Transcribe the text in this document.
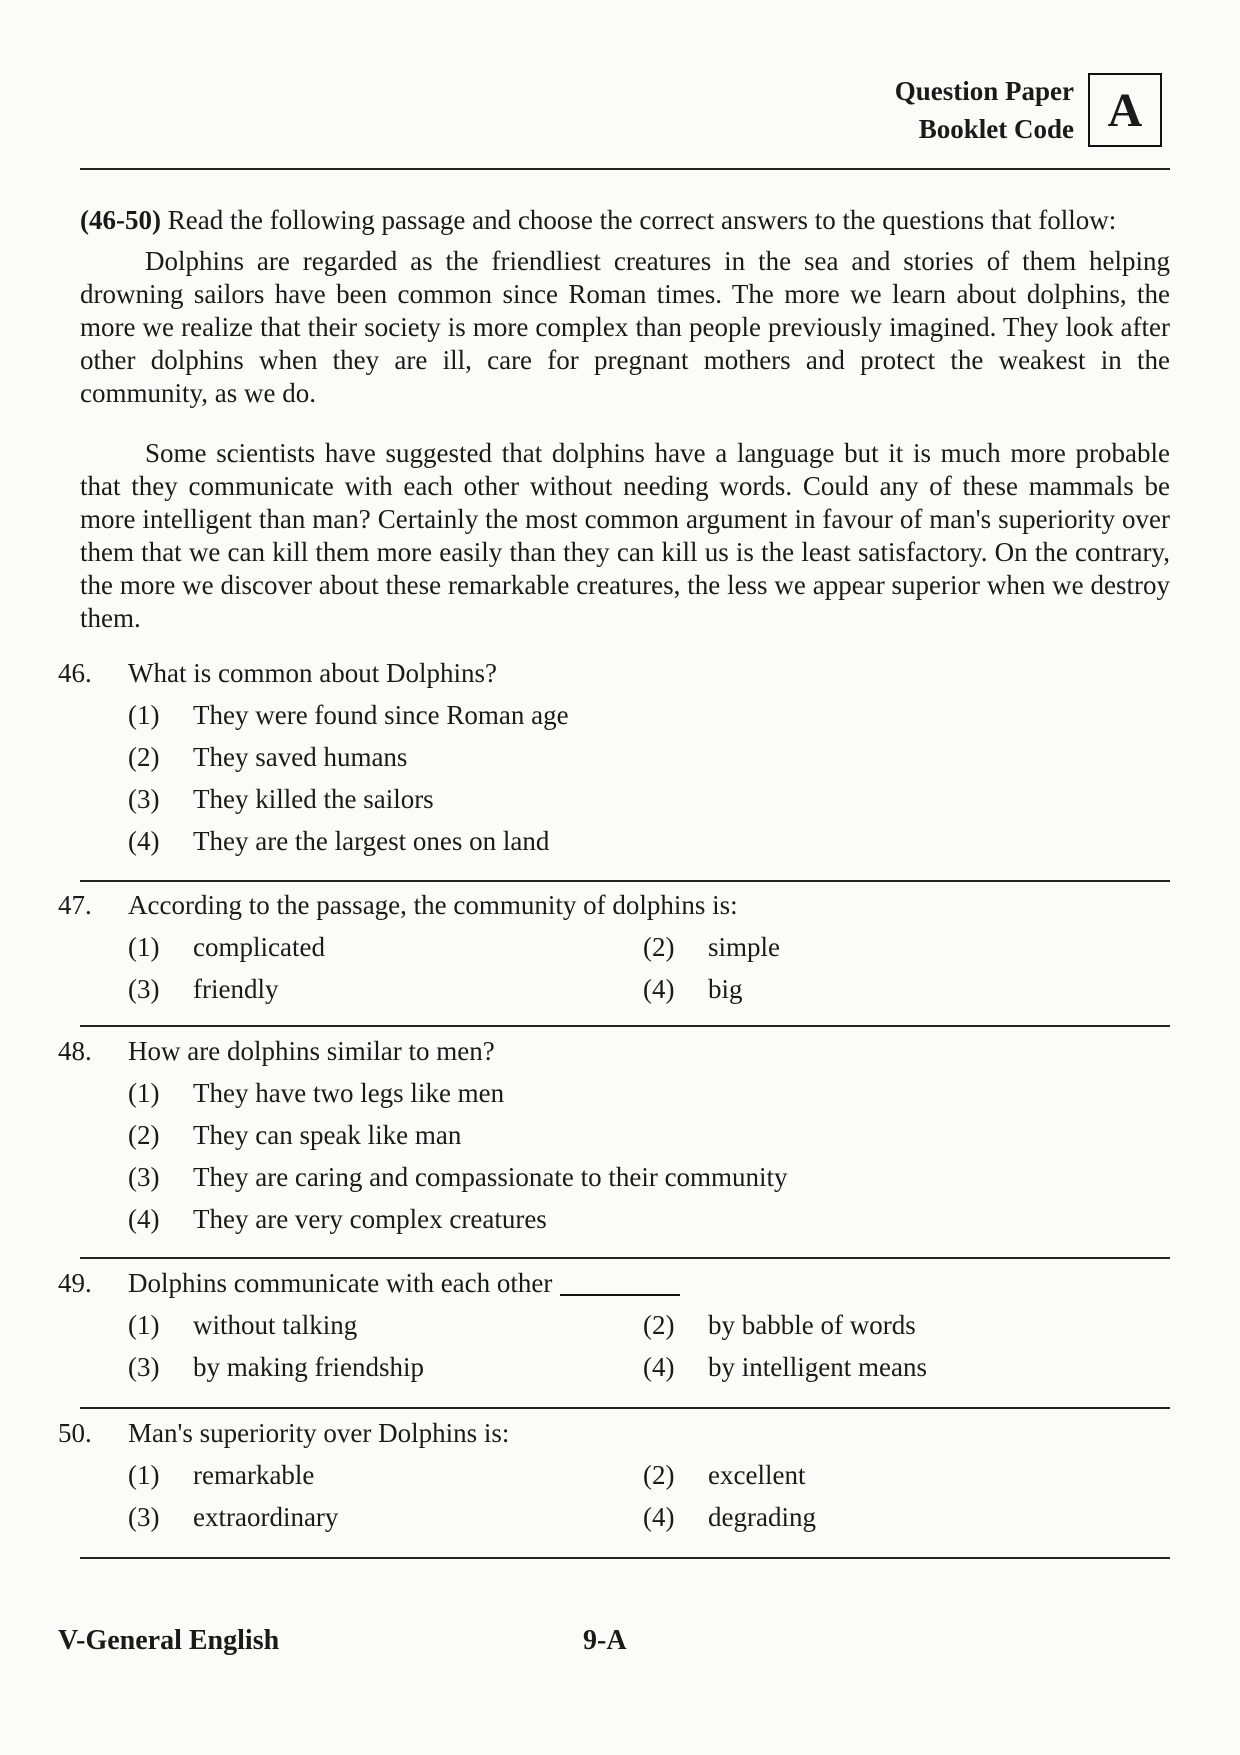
Question Paper
Booklet Code A
(46-50) Read the following passage and choose the correct answers to the questions that follow:

Dolphins are regarded as the friendliest creatures in the sea and stories of them helping drowning sailors have been common since Roman times. The more we learn about dolphins, the more we realize that their society is more complex than people previously imagined. They look after other dolphins when they are ill, care for pregnant mothers and protect the weakest in the community, as we do.

Some scientists have suggested that dolphins have a language but it is much more probable that they communicate with each other without needing words. Could any of these mammals be more intelligent than man? Certainly the most common argument in favour of man's superiority over them that we can kill them more easily than they can kill us is the least satisfactory. On the contrary, the more we discover about these remarkable creatures, the less we appear superior when we destroy them.

46.	What is common about Dolphins?
(1)	They were found since Roman age
(2)	They saved humans
(3)	They killed the sailors
(4)	They are the largest ones on land
47.	According to the passage, the community of dolphins is:
(1)	complicated	(2)	simple
(3)	friendly	(4)	big
48.	How are dolphins similar to men?
(1)	They have two legs like men
(2)	They can speak like man
(3)	They are caring and compassionate to their community
(4)	They are very complex creatures
49.	Dolphins communicate with each other
(1)	without talking	(2)	by babble of words
(3)	by making friendship	(4)	by intelligent means
50.	Man's superiority over Dolphins is:
(1)	remarkable	(2)	excellent
(3)	extraordinary	(4)	degrading
V-General English	9-A
